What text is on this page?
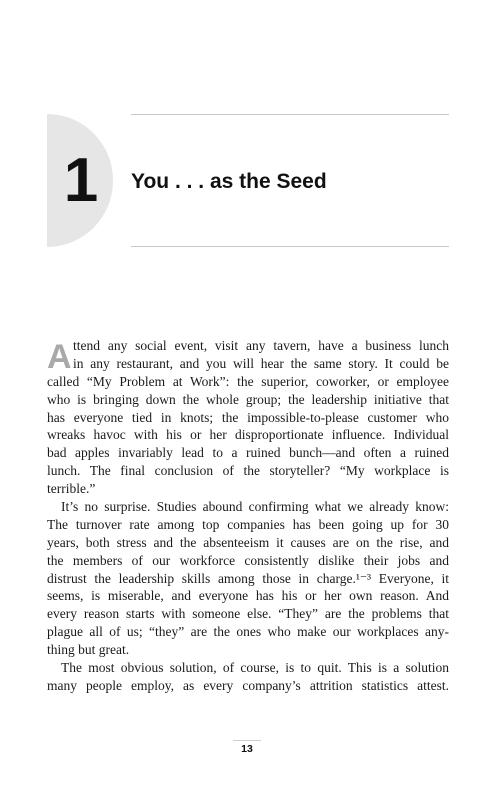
1	You . . . as the Seed
A ttend any social event, visit any tavern, have a business lunch
in any restaurant, and you will hear the same story. It could be
called “My Problem at Work”: the superior, coworker, or employee
who is bringing down the whole group; the leadership initiative that
has everyone tied in knots; the impossible-to-please customer who
wreaks havoc with his or her disproportionate influence. Individual
bad apples invariably lead to a ruined bunch—and often a ruined
lunch. The final conclusion of the storyteller? “My workplace is
terrible.”
It’s no surprise. Studies abound confirming what we already know:
The turnover rate among top companies has been going up for 30
years, both stress and the absenteeism it causes are on the rise, and
the members of our workforce consistently dislike their jobs and
distrust the leadership skills among those in charge.¹⁻³ Everyone, it
seems, is miserable, and everyone has his or her own reason. And
every reason starts with someone else. “They” are the problems that
plague all of us; “they” are the ones who make our workplaces any-
thing but great.
The most obvious solution, of course, is to quit. This is a solution
many people employ, as every company’s attrition statistics attest.
13
